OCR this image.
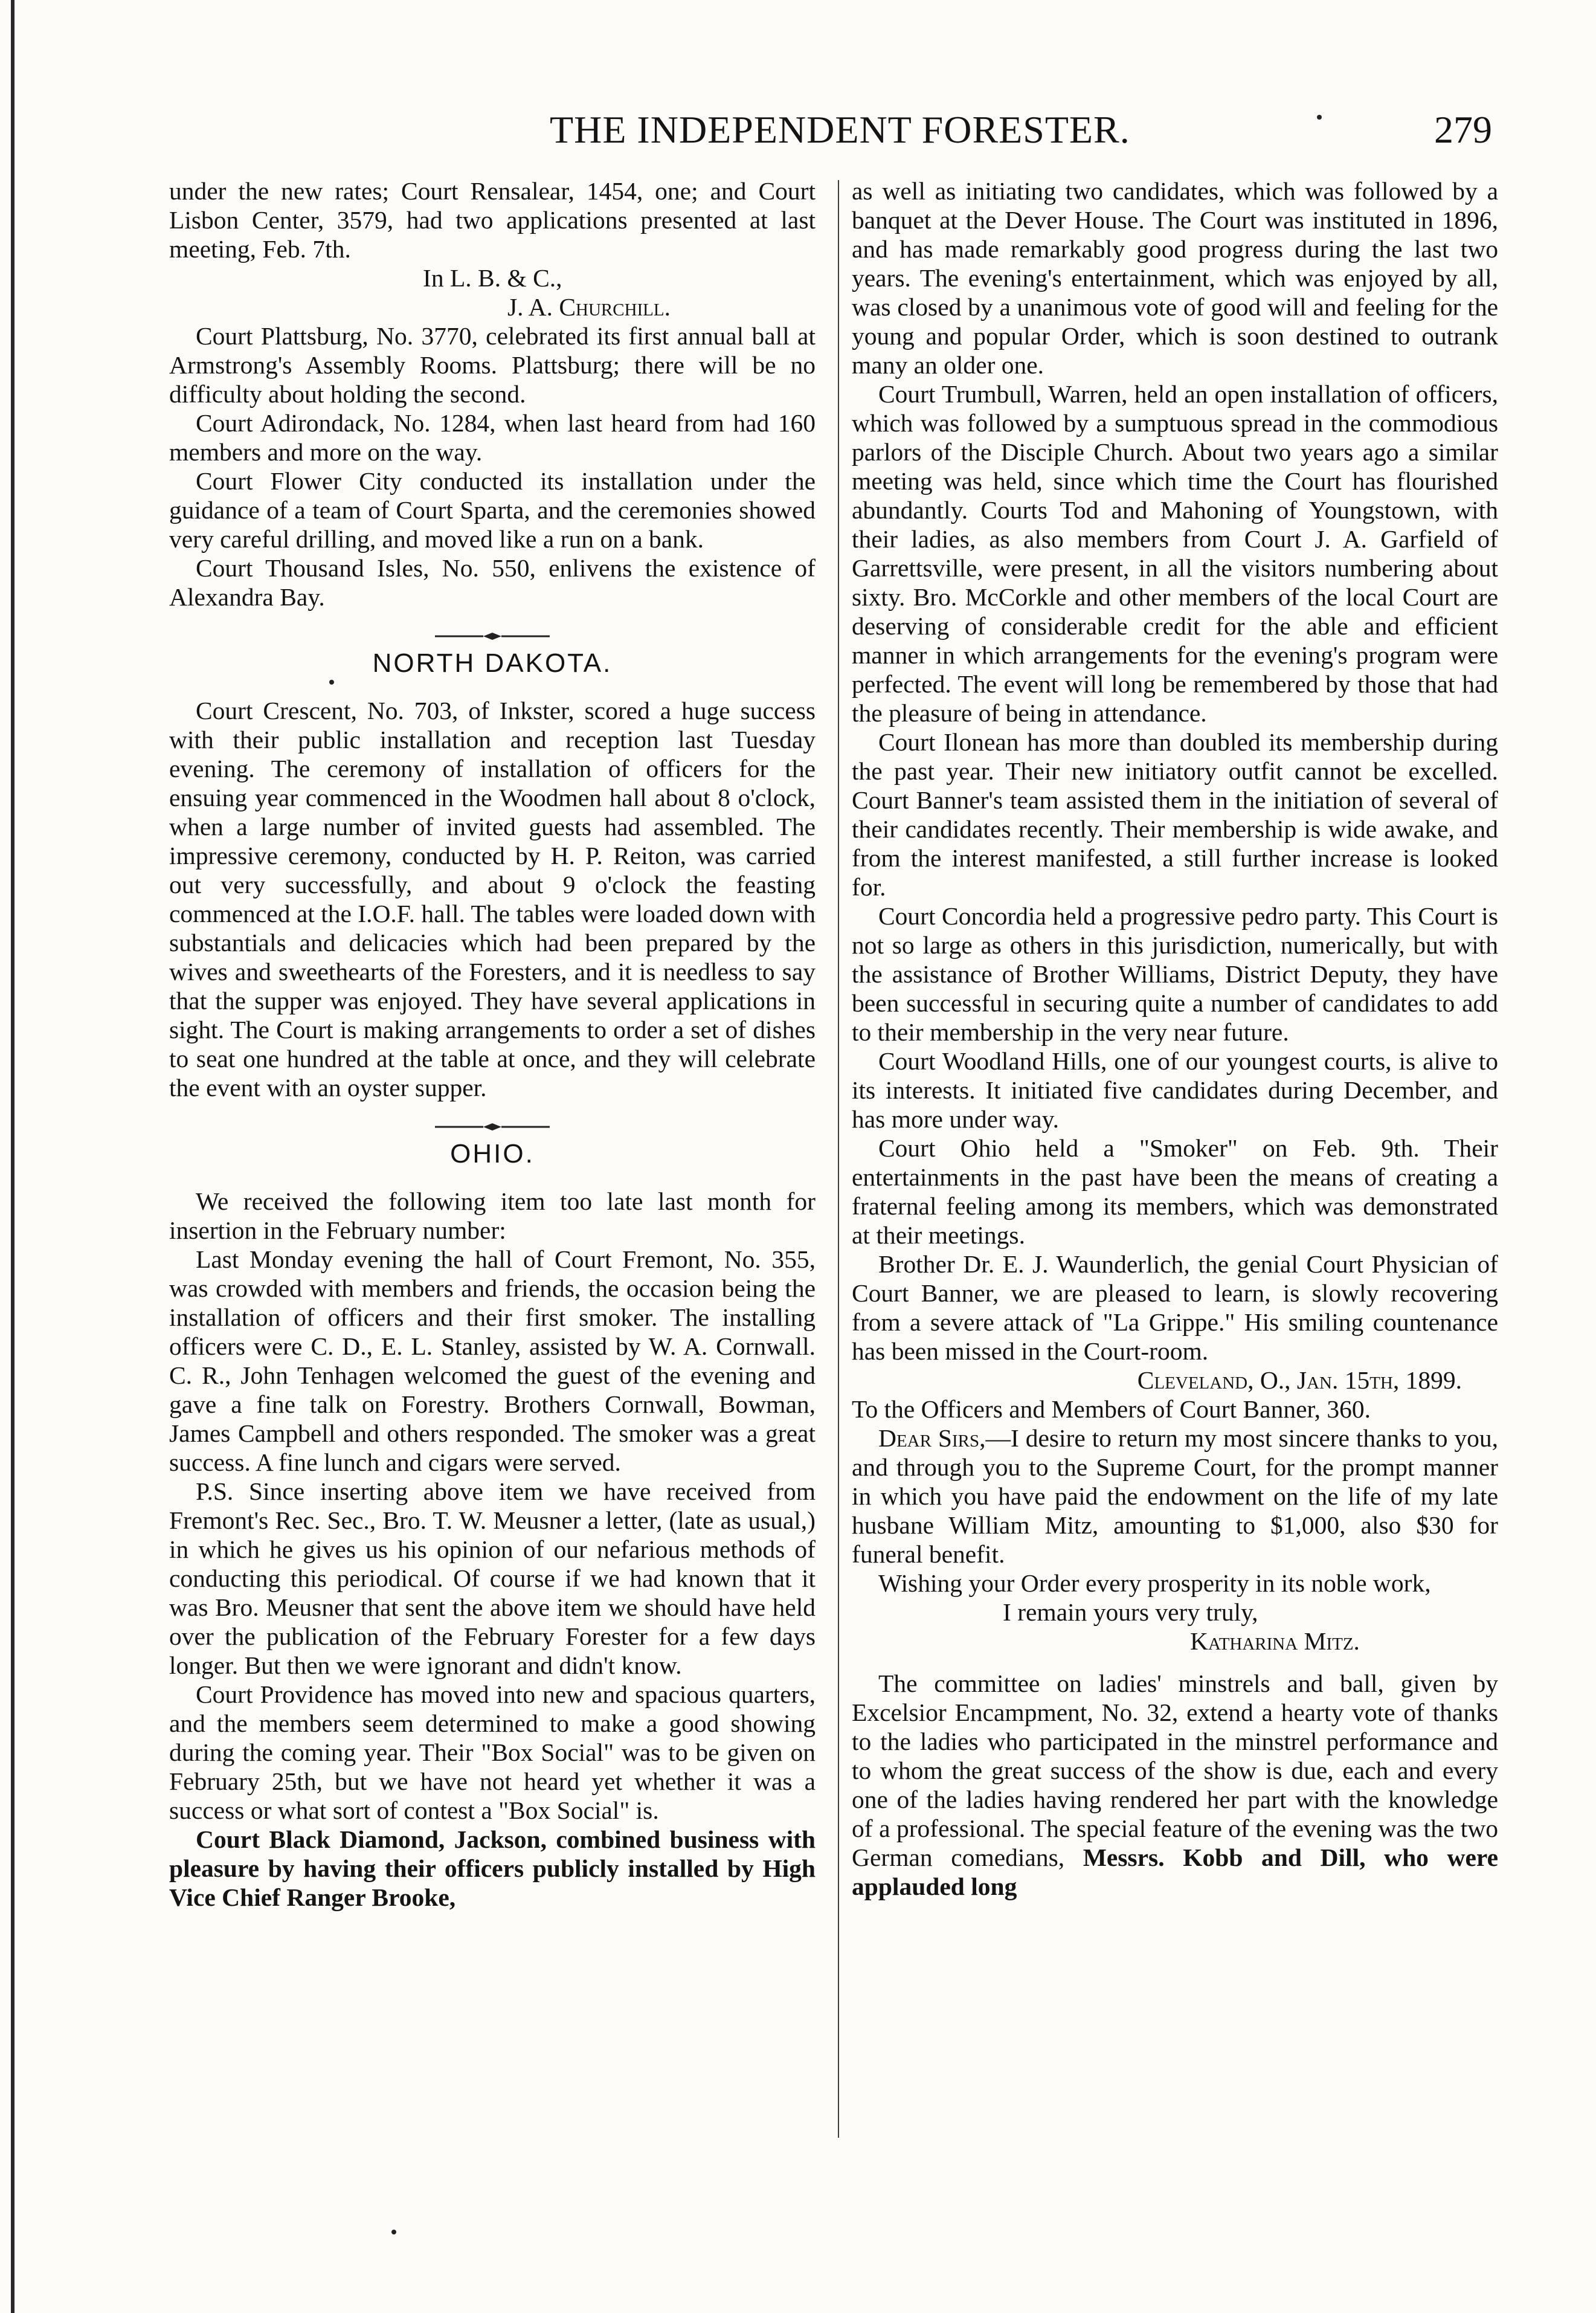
THE INDEPENDENT FORESTER.	279

under the new rates; Court Rensalear, 1454, one; and Court Lisbon Center, 3579, had two applications presented at last meeting, Feb. 7th.

In L. B. & C.,

J. A. Churchill.

Court Plattsburg, No. 3770, celebrated its first annual ball at Armstrong's Assembly Rooms. Plattsburg; there will be no difficulty about holding the second.

Court Adirondack, No. 1284, when last heard from had 160 members and more on the way.

Court Flower City conducted its installation under the guidance of a team of Court Sparta, and the ceremonies showed very careful drilling, and moved like a run on a bank.

Court Thousand Isles, No. 550, enlivens the existence of Alexandra Bay.

NORTH DAKOTA.

Court Crescent, No. 703, of Inkster, scored a huge success with their public installation and reception last Tuesday evening. The ceremony of installation of officers for the ensuing year commenced in the Woodmen hall about 8 o'clock, when a large number of invited guests had assembled. The impressive ceremony, conducted by H. P. Reiton, was carried out very successfully, and about 9 o'clock the feasting commenced at the I.O.F. hall. The tables were loaded down with substantials and delicacies which had been prepared by the wives and sweethearts of the Foresters, and it is needless to say that the supper was enjoyed. They have several applications in sight. The Court is making arrangements to order a set of dishes to seat one hundred at the table at once, and they will celebrate the event with an oyster supper.

OHIO.

We received the following item too late last month for insertion in the February number:

Last Monday evening the hall of Court Fremont, No. 355, was crowded with members and friends, the occasion being the installation of officers and their first smoker. The installing officers were C. D., E. L. Stanley, assisted by W. A. Cornwall. C. R., John Tenhagen welcomed the guest of the evening and gave a fine talk on Forestry. Brothers Cornwall, Bowman, James Campbell and others responded. The smoker was a great success. A fine lunch and cigars were served.

P.S. Since inserting above item we have received from Fremont's Rec. Sec., Bro. T. W. Meusner a letter, (late as usual,) in which he gives us his opinion of our nefarious methods of conducting this periodical. Of course if we had known that it was Bro. Meusner that sent the above item we should have held over the publication of the February Forester for a few days longer. But then we were ignorant and didn't know.

Court Providence has moved into new and spacious quarters, and the members seem determined to make a good showing during the coming year. Their "Box Social" was to be given on February 25th, but we have not heard yet whether it was a success or what sort of contest a "Box Social" is.

Court Black Diamond, Jackson, combined business with pleasure by having their officers publicly installed by High Vice Chief Ranger Brooke,

as well as initiating two candidates, which was followed by a banquet at the Dever House. The Court was instituted in 1896, and has made remarkably good progress during the last two years. The evening's entertainment, which was enjoyed by all, was closed by a unanimous vote of good will and feeling for the young and popular Order, which is soon destined to outrank many an older one.

Court Trumbull, Warren, held an open installation of officers, which was followed by a sumptuous spread in the commodious parlors of the Disciple Church. About two years ago a similar meeting was held, since which time the Court has flourished abundantly. Courts Tod and Mahoning of Youngstown, with their ladies, as also members from Court J. A. Garfield of Garrettsville, were present, in all the visitors numbering about sixty. Bro. McCorkle and other members of the local Court are deserving of considerable credit for the able and efficient manner in which arrangements for the evening's program were perfected. The event will long be remembered by those that had the pleasure of being in attendance.

Court Ilonean has more than doubled its membership during the past year. Their new initiatory outfit cannot be excelled. Court Banner's team assisted them in the initiation of several of their candidates recently. Their membership is wide awake, and from the interest manifested, a still further increase is looked for.

Court Concordia held a progressive pedro party. This Court is not so large as others in this jurisdiction, numerically, but with the assistance of Brother Williams, District Deputy, they have been successful in securing quite a number of candidates to add to their membership in the very near future.

Court Woodland Hills, one of our youngest courts, is alive to its interests. It initiated five candidates during December, and has more under way.

Court Ohio held a "Smoker" on Feb. 9th. Their entertainments in the past have been the means of creating a fraternal feeling among its members, which was demonstrated at their meetings.

Brother Dr. E. J. Waunderlich, the genial Court Physician of Court Banner, we are pleased to learn, is slowly recovering from a severe attack of "La Grippe." His smiling countenance has been missed in the Court-room.

Cleveland, O., Jan. 15th, 1899.

To the Officers and Members of Court Banner, 360.

Dear Sirs,—I desire to return my most sincere thanks to you, and through you to the Supreme Court, for the prompt manner in which you have paid the endowment on the life of my late husbane William Mitz, amounting to $1,000, also $30 for funeral benefit.

Wishing your Order every prosperity in its noble work,

I remain yours very truly,

Katharina Mitz.

The committee on ladies' minstrels and ball, given by Excelsior Encampment, No. 32, extend a hearty vote of thanks to the ladies who participated in the minstrel performance and to whom the great success of the show is due, each and every one of the ladies having rendered her part with the knowledge of a professional. The special feature of the evening was the two German comedians, Messrs. Kobb and Dill, who were applauded long
